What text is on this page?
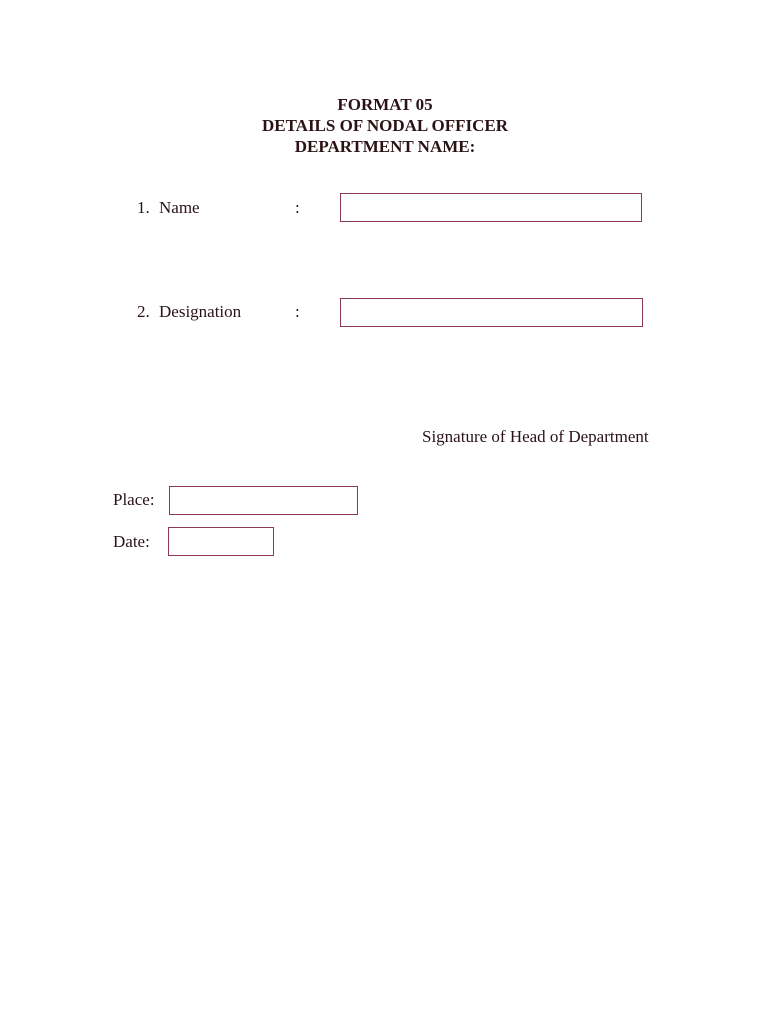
FORMAT 05
DETAILS OF NODAL OFFICER
DEPARTMENT NAME:
1. Name	:
2. Designation	:
Signature of Head of Department
Place:
Date:
